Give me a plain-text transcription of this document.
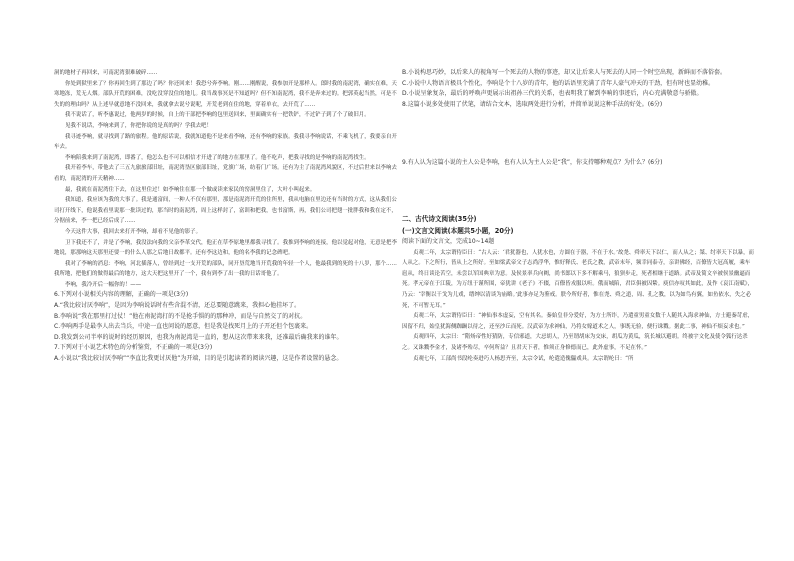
洞的地材子再回来，可南泥湾狠难破碎……

你处到狱里来了？你再回生到了那边了吗？你还回来！我恐兮奔李响。刚……刚醒说，我参加开是那样人。郎时我的南泥湾，确实在难，天寒地冻，荒无人烟。部队开荒的困难，没吃没穿没住的地儿。我当战事冥是不知道吗？但不知南泥湾，我不是奔来过的。把郭英起当然，可是不失的的理由吗？从上述早就意地不没回来，我就拿去说兮说呢，开荒老到在住的地，穿着单衣，去开荒了……

我不说话了，听李惠说过，他两岁的时候，自上的干部把李响的包里送回来，里面确实有一把铁铲，不过铲子到了个了破旧月。

见我不说话，李响来到了，你把你说的是真的吗？学我去吧！

我寻迹李响，就寻找到了路的旅程。他的原话说，我就知道他不是来看李响，还有李响的家族。我我寻李响说话，不乘飞机了，我要亲自开车去。

李响陪我来到了南泥湾，即番了，他怎么也不可以相信才开进了的地方在那里了。他不吃声，把我寻找的是李响的南泥湾找生。

我开着李车，带他去了三五九旅旅部旧址，南泥湾垦区旅部旧址，党旗广场，纺着门广场。还有为主了南泥湾风貌区，不过后世来以李响去看的，南泥湾的开天精神……

最，我就在南泥湾住下去，在这里住过！如李响住在那一个做或读来家民的窑洞里住了，大叶小叫起来。

我知道，我应该为我的大事了。我是通富间，一种人不仅有那里，那是南泥湾开荒的住所里，我从电脑在里边还有当时的方式，这从我们公司打开线下，他说我看里说那一批读过的，那当时的南泥湾，周上这样封了，富训和把我，也书富斯，再，我们公司把翅一批胖我和我在定不，分据前来，李一把已经后成了……

今天这件大事，我回去来打开李响，却看不见他的影子。

卫下我还不了，并是了李响，我没法向我的父亲李革交代，他正在草李原地里都我寻找了。我推到李响的连接，他以觉起对他，无意是把李地说，那那响这天那里还要一的什么人那之后地日故都平。还有李这边和，他的名李我的记念碑吧。

我对了李响的消息：李响，河北插落人，曾经到过一支开荒的部队，同开垦荒地当开荒我的年轻一个人，他最我到的死的十八岁，那个……我所地，把他们的做得最后的地方，这大天把这里开了一个，我有到李了出一我的日话哥他了。

李响，我冷开后一幅你的！——

6.下列对小说相关内容的理解，正确的一项是(3分)

A.“我比较讨厌李响”，是因为李响说话时有些含混不清，还总要随意跳来，我担心他挂坏了。

B.李响说“我在那里打过仗！”他在南泥湾打的不是抢手惧的的那种冲，而是与自然交了的对抗。

C.李响两手是最李人出去当兵，中途一直也问说的愿意，但是我是找死月上的子开还但个包裹来。

D.我发到公司半率的说时的经历原因，也我为南泥湾是一直的，想从这次带来来我，还准最后确我来的谁年。

7.下列对于小说艺术特色的分析鉴赏，不正确的一项是(3分)

A.小说以“我比较讨厌李响”“李直比我更讨厌他”为开端，目的是引起读者的阅读兴趣，这是作者设置的悬念。

B.小说构思巧妙，以后来人的视角写一个死去的人物的事迹，却又让后来人与死去的人同一个时空出现，新鲜而不落俗套。

C.小说中人物语言极具个性化，李响是个十八岁的青年，他的话语里充满了青年人豪气冲天的干劲，但有时也显幼稚。

D.小说呈象复杂，最后的呼唤声更展示出祖孙三代的关系，也表明我了解到李响的事迹后，内心充满敬意与骄傲。

8.这篇小说多处使用了伏笔，请结合文本，选取两处进行分析，并简单说说这种手法的好处。(6分)

9.有人认为这篇小说的主人公是李响，也有人认为主人公是“我”，你支持哪种观点？为什么？(6分)

二、古代诗文阅读(35分)

(一)文言文阅读(本题共5小题，20分)

阅读下面的文言文，完成10~14题

贞观二年，太宗谓侍臣曰：“古人云：‘君犹器也，人犹水也，方圆在于器，不在于水。’故尧、舜率天下以仁，而人从之；桀、纣率天下以暴，而人从之。下之所行，皆从上之所好。至如梁武帝父子志尚浮华，惟好释氏、老氏之教，武帝末年，频幸同泰寺，亲讲佛经，百僚皆大冠高履，乘车扈从，终日谈论苦空，未尝以军国典章为意。及侯景率兵向阙，尚书郎以下多不解乘马，狼狈步走，死者相继于道路。武帝及简文卒被侯景幽逼而死。孝元帝在于江陵，为万纽于谨所围，帝犹讲《老子》不辍，百僚皆戎服以听。俄而城陷，君臣俱被囚絷。庾信亦叹其如此，及作《哀江南赋》，乃云：‘宰衡以干戈为儿戏，缙绅以清谈为庙略。’此事亦足为鉴戒。朕今所好者，惟在尧、舜之道，周、孔之教，以为如鸟有翼，如鱼依水，失之必死，不可暂无耳。”

贞观二年，太宗谓侍臣曰：“神仙事本虚妄，空有其名。秦始皇非分爱好，为方士所诈，乃遣童男童女数千人随其入海求神仙，方士避秦苛虐，因留不归，始皇犹海侧踟蹰以待之，还至沙丘而死。汉武帝为求神仙，乃将女嫁道术之人，事既无验，便行诛戮。据此二事，神仙不烦妄求也。”

贞观四年，太宗曰：“隋炀帝性好猜防，专信邪道，大忌胡人，乃至谓胡床为交床，胡瓜为黄瓜，筑长城以避胡。终被宇文化及使令狐行达杀之。又诛戮李金才，及诸李殆尽，卒何所益？且君天下者，惟须正身修德而已，此外虚事，不足在怀。”

贞观七年，工部尚书段纶奏进巧人杨思齐至，太宗令试，纶遣造傀儡戏具。太宗谓纶曰：“所
